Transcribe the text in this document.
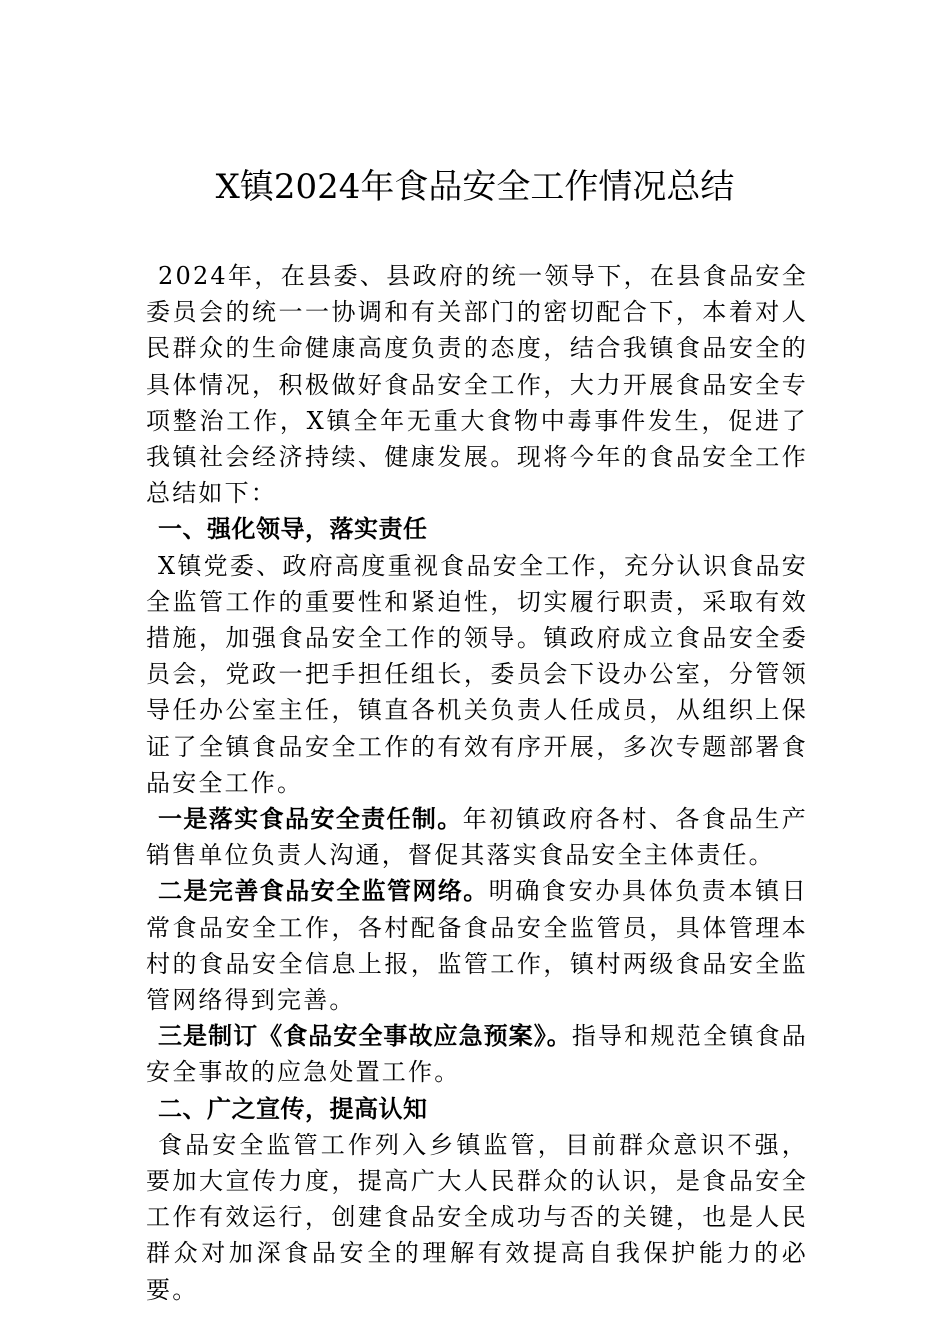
X镇2024年食品安全工作情况总结

2024年，在县委、县政府的统一领导下，在县食品安全委员会的统一一协调和有关部门的密切配合下，本着对人民群众的生命健康高度负责的态度，结合我镇食品安全的具体情况，积极做好食品安全工作，大力开展食品安全专项整治工作，X镇全年无重大食物中毒事件发生，促进了我镇社会经济持续、健康发展。现将今年的食品安全工作总结如下：

一、强化领导，落实责任

X镇党委、政府高度重视食品安全工作，充分认识食品安全监管工作的重要性和紧迫性，切实履行职责，采取有效措施，加强食品安全工作的领导。镇政府成立食品安全委员会，党政一把手担任组长，委员会下设办公室，分管领导任办公室主任，镇直各机关负责人任成员，从组织上保证了全镇食品安全工作的有效有序开展，多次专题部署食品安全工作。

一是落实食品安全责任制。年初镇政府各村、各食品生产销售单位负责人沟通，督促其落实食品安全主体责任。

二是完善食品安全监管网络。明确食安办具体负责本镇日常食品安全工作，各村配备食品安全监管员，具体管理本村的食品安全信息上报，监管工作，镇村两级食品安全监管网络得到完善。

三是制订《食品安全事故应急预案》。指导和规范全镇食品安全事故的应急处置工作。

二、广之宣传，提高认知

食品安全监管工作列入乡镇监管，目前群众意识不强，要加大宣传力度，提高广大人民群众的认识，是食品安全工作有效运行，创建食品安全成功与否的关键，也是人民群众对加深食品安全的理解有效提高自我保护能力的必要。
